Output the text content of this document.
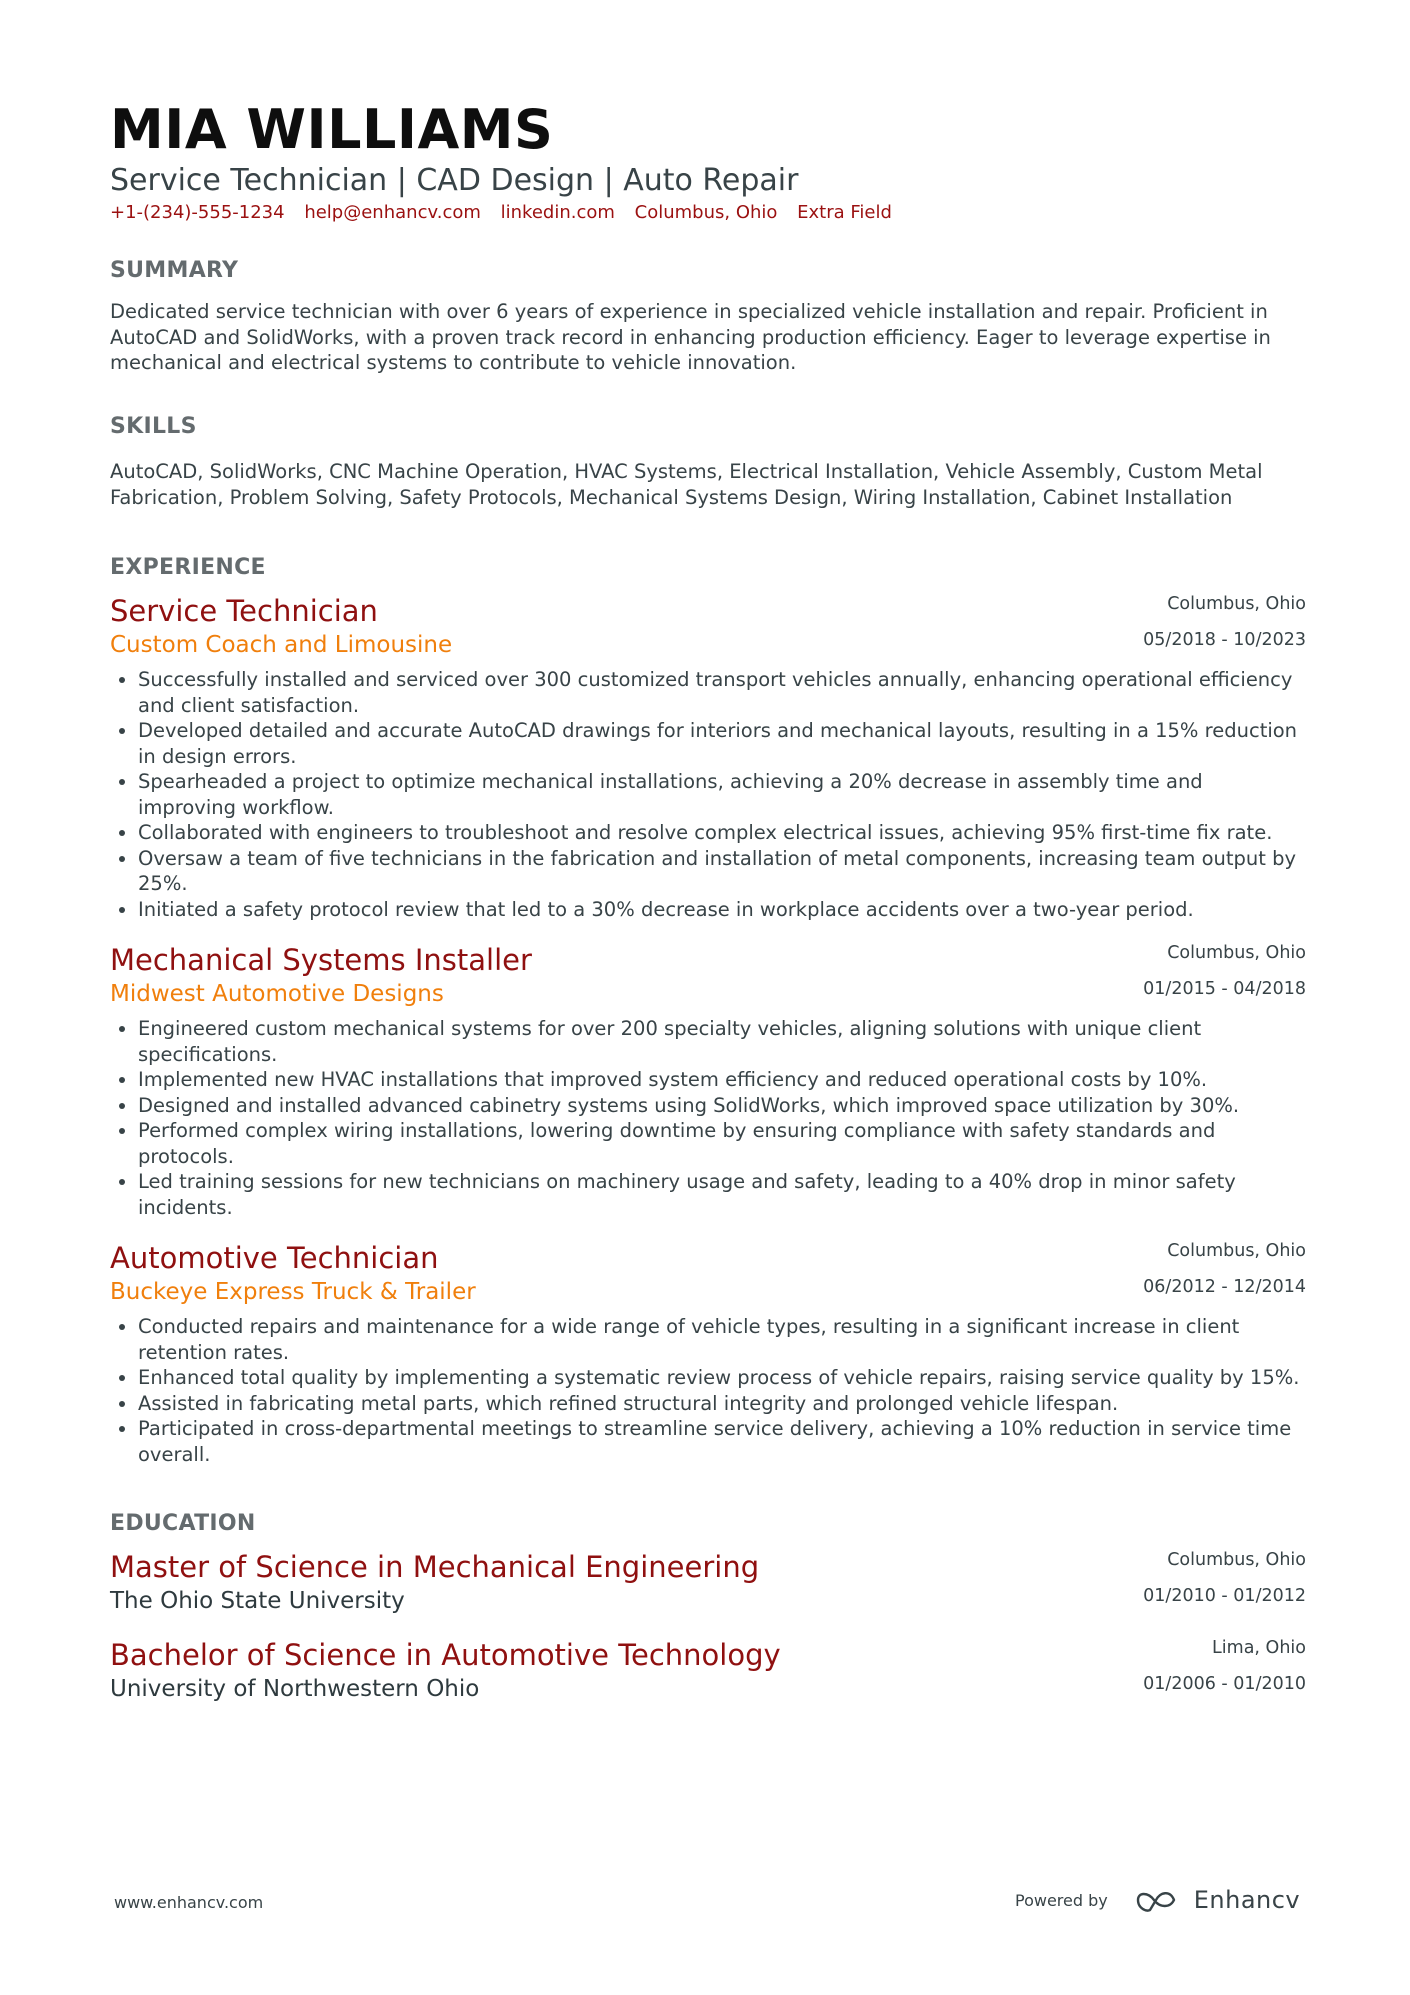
MIA WILLIAMS
Service Technician | CAD Design | Auto Repair
+1-(234)-555-1234 help@enhancv.com linkedin.com Columbus, Ohio Extra Field
SUMMARY
Dedicated service technician with over 6 years of experience in specialized vehicle installation and repair. Proficient in AutoCAD and SolidWorks, with a proven track record in enhancing production efficiency. Eager to leverage expertise in mechanical and electrical systems to contribute to vehicle innovation.
SKILLS
AutoCAD, SolidWorks, CNC Machine Operation, HVAC Systems, Electrical Installation, Vehicle Assembly, Custom Metal Fabrication, Problem Solving, Safety Protocols, Mechanical Systems Design, Wiring Installation, Cabinet Installation
EXPERIENCE
Service Technician
Custom Coach and Limousine
Columbus, Ohio
05/2018 - 10/2023
• Successfully installed and serviced over 300 customized transport vehicles annually, enhancing operational efficiency and client satisfaction.
• Developed detailed and accurate AutoCAD drawings for interiors and mechanical layouts, resulting in a 15% reduction in design errors.
• Spearheaded a project to optimize mechanical installations, achieving a 20% decrease in assembly time and improving workflow.
• Collaborated with engineers to troubleshoot and resolve complex electrical issues, achieving 95% first-time fix rate.
• Oversaw a team of five technicians in the fabrication and installation of metal components, increasing team output by 25%.
• Initiated a safety protocol review that led to a 30% decrease in workplace accidents over a two-year period.
Mechanical Systems Installer
Midwest Automotive Designs
Columbus, Ohio
01/2015 - 04/2018
• Engineered custom mechanical systems for over 200 specialty vehicles, aligning solutions with unique client specifications.
• Implemented new HVAC installations that improved system efficiency and reduced operational costs by 10%.
• Designed and installed advanced cabinetry systems using SolidWorks, which improved space utilization by 30%.
• Performed complex wiring installations, lowering downtime by ensuring compliance with safety standards and protocols.
• Led training sessions for new technicians on machinery usage and safety, leading to a 40% drop in minor safety incidents.
Automotive Technician
Buckeye Express Truck & Trailer
Columbus, Ohio
06/2012 - 12/2014
• Conducted repairs and maintenance for a wide range of vehicle types, resulting in a significant increase in client retention rates.
• Enhanced total quality by implementing a systematic review process of vehicle repairs, raising service quality by 15%.
• Assisted in fabricating metal parts, which refined structural integrity and prolonged vehicle lifespan.
• Participated in cross-departmental meetings to streamline service delivery, achieving a 10% reduction in service time overall.
EDUCATION
Master of Science in Mechanical Engineering
The Ohio State University
Columbus, Ohio
01/2010 - 01/2012
Bachelor of Science in Automotive Technology
University of Northwestern Ohio
Lima, Ohio
01/2006 - 01/2010
www.enhancv.com	Powered by	Enhancv
